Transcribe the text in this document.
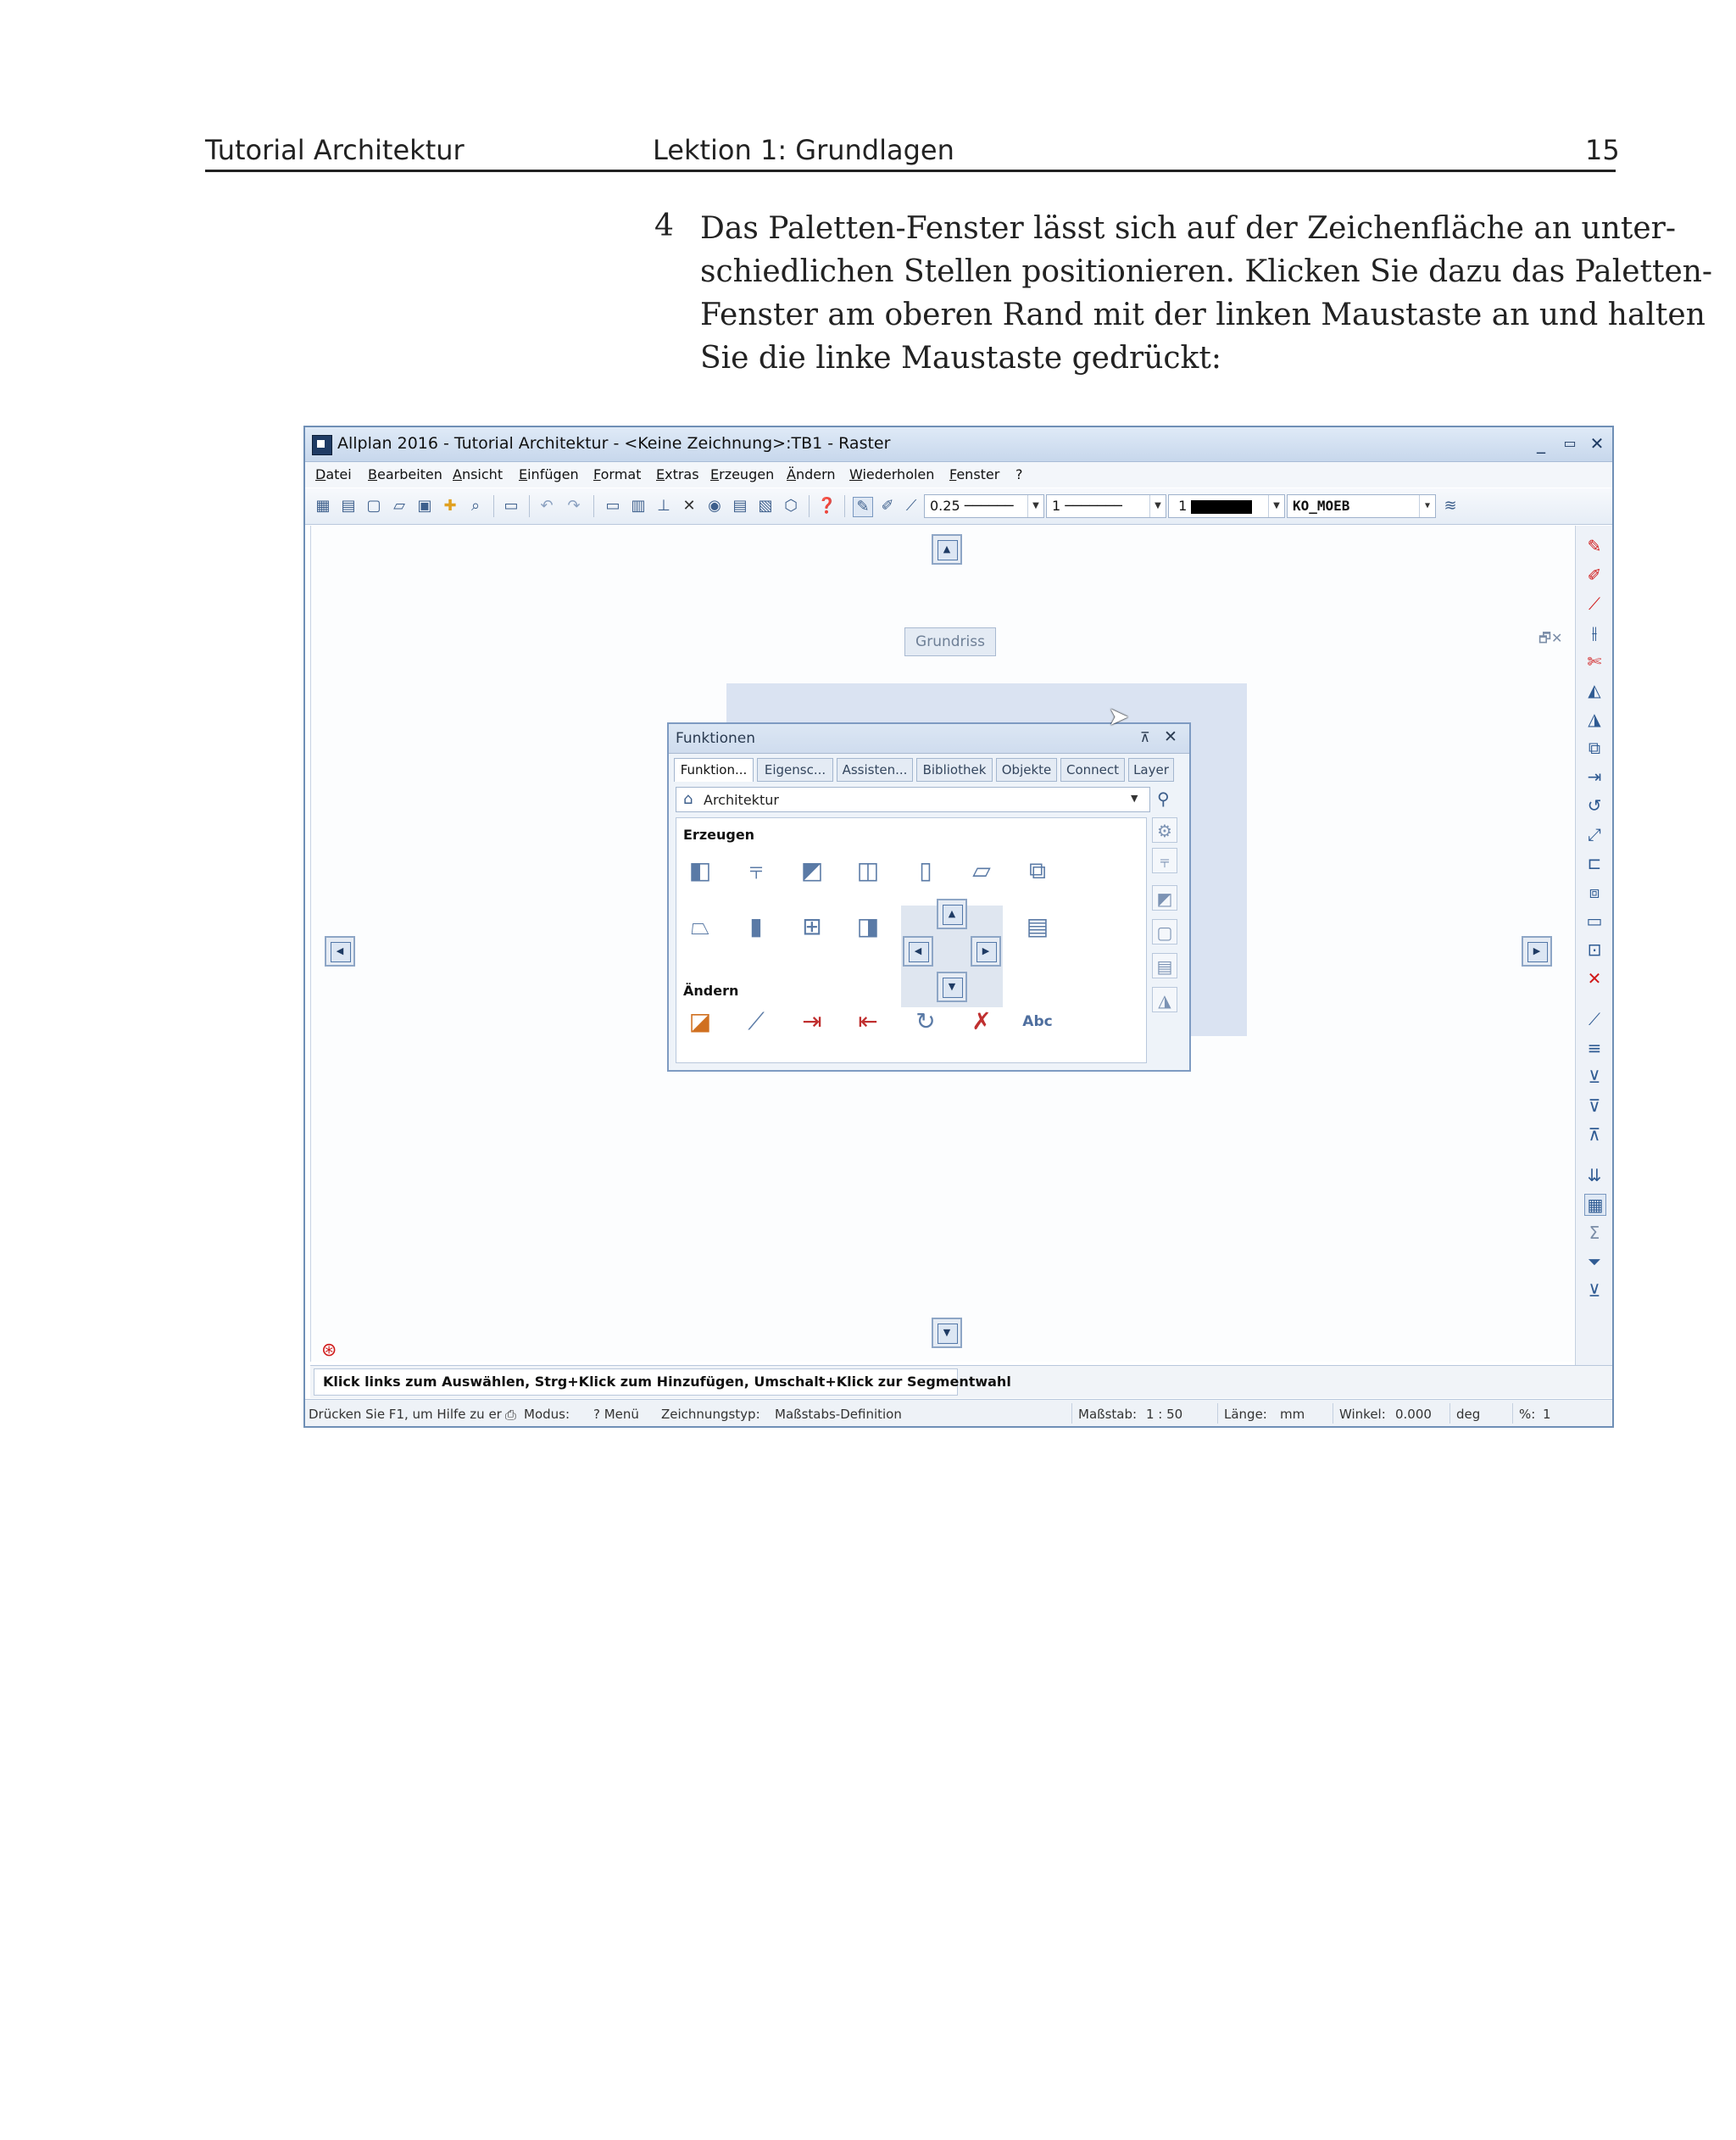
Tutorial Architektur	Lektion 1: Grundlagen	15
4 Das Paletten-Fenster lässt sich auf der Zeichenfläche an unter-
schiedlichen Stellen positionieren. Klicken Sie dazu das Paletten-
Fenster am oberen Rand mit der linken Maustaste an und halten
Sie die linke Maustaste gedrückt:
Allplan 2016 - Tutorial Architektur - <Keine Zeichnung>:TB1 - Raster	_	▭ ✕
Datei Bearbeiten Ansicht Einfügen Format Extras Erzeugen Ändern Wiederholen Fenster ?
▦ ▤ ▢ ▱ ▣ ✚ ⌕	▭ ↶ ↷ ▭ ▥ ⊥ ✕ ◉ ▤ ▧ ⬡ ❓ ✎ ✐ ⟋ 0.25 ──────	▼ 1 ───────	▼	1	▼ KO_MOEB	▼ ≋
🗗✕
Grundriss
Funktionen	⊼ ✕
Funktion...	Eigensc...	Assisten...	Bibliothek	Objekte	Connect	Layer
⌂ Architektur	▼ ⚲
Erzeugen
◧	⫧	◩ ◫	▯	▱ ⧉
⏢	▮	⊞ ◨	▤
Ändern
◪ ⟋ ⇥ ⇤ ↻ ✗	Abc
⚙
⫧
◩
▢
▤
◮
▲
◀	▶
▼
▲
◀	▶
▼
➤
⊛
✎
✐
⟋
⫲
✄
◭
◮
⧉
⇥
↺
⤢
⊏
⧈
▭
⊡
✕
⟋
≡
⊻
⊽
⊼
⇊
▦
Σ
⏷
⊻
Klick links zum Auswählen, Strg+Klick zum Hinzufügen, Umschalt+Klick zur Segmentwahl
Drücken Sie F1, um Hilfe zu er ⎙ Modus: ? Menü Zeichnungstyp: Maßstabs-Definition	Maßstab: 1 : 50	Länge: mm	Winkel: 0.000 deg	%: 1
